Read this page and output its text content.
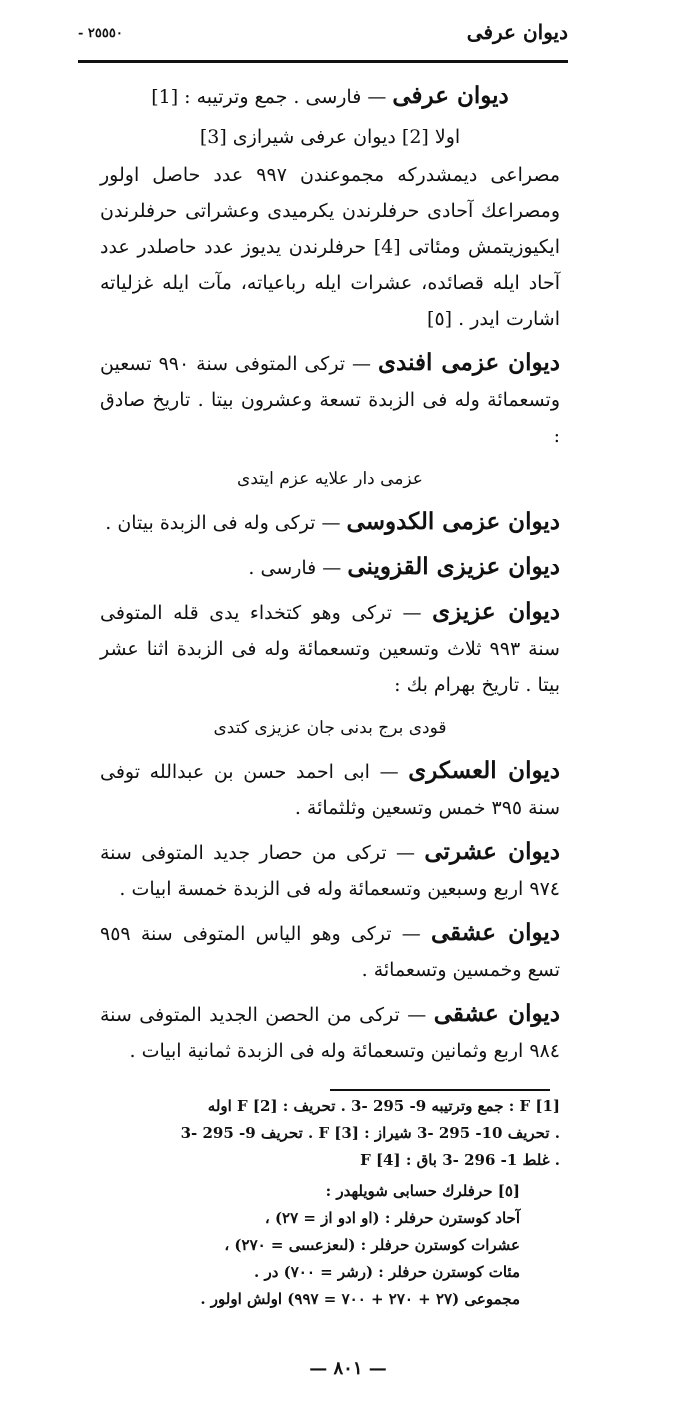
- ٢٥٥٥٠	ديوان عرفى

ديوان عرفى — فارسى . جمع وترتيبه : [1]

اولا [2] ديوان عرفى شيرازى [3]

مصراعى ديمشدركه مجموعندن ٩٩٧ عدد حاصل اولور ومصراعك آحادى حرفلرندن يكرميدى وعشراتى حرفلرندن ايكيوزيتمش ومئاتى [4] حرفلرندن يديوز عدد حاصلدر عدد آحاد ايله قصائده، عشرات ايله رباعياته، مآت ايله غزلياته اشارت ايدر . [٥]

ديوان عزمى افندى — تركى المتوفى سنة ٩٩٠ تسعين وتسعمائة وله فى الزبدة تسعة وعشرون بيتا . تاريخ صادق :

عزمى دار علايه عزم ايتدى

ديوان عزمى الكدوسى — تركى وله فى الزبدة بيتان .

ديوان عزيزى القزوينى — فارسى .

ديوان عزيزى — تركى وهو كتخداء يدى قله المتوفى سنة ٩٩٣ ثلاث وتسعين وتسعمائة وله فى الزبدة اثنا عشر بيتا . تاريخ بهرام بك :

قودى برج بدنى جان عزيزى كتدى

ديوان العسكرى — ابى احمد حسن بن عبدالله توفى سنة ٣٩٥ خمس وتسعين وثلثمائة .

ديوان عشرتى — تركى من حصار جديد المتوفى سنة ٩٧٤ اربع وسبعين وتسعمائة وله فى الزبدة خمسة ابيات .

ديوان عشقى — تركى وهو الياس المتوفى سنة ٩٥٩ تسع وخمسين وتسعمائة .

ديوان عشقى — تركى من الحصن الجديد المتوفى سنة ٩٨٤ اربع وثمانين وتسعمائة وله فى الزبدة ثمانية ابيات .

[1] F : جمع وترتيبه 9- 295 -3 . تحريف : F [2] اوله

. تحريف 10- 295 -3 شيراز : F [3] . تحريف 9- 295 -3

. غلط 1- 296 -3 باق : F [4]

[٥] حرفلرك حسابى شويلهدر :

آحاد كوسترن حرفلر : (او ادو از = ٢٧) ،

عشرات كوسترن حرفلر : (لىعزعىىىى = ٢٧٠) ،

مئات كوسترن حرفلر : (رشر = ٧٠٠) در .

مجموعى (٢٧ + ٢٧٠ + ٧٠٠ = ٩٩٧) اولش اولور .

— ٨٠١ —
